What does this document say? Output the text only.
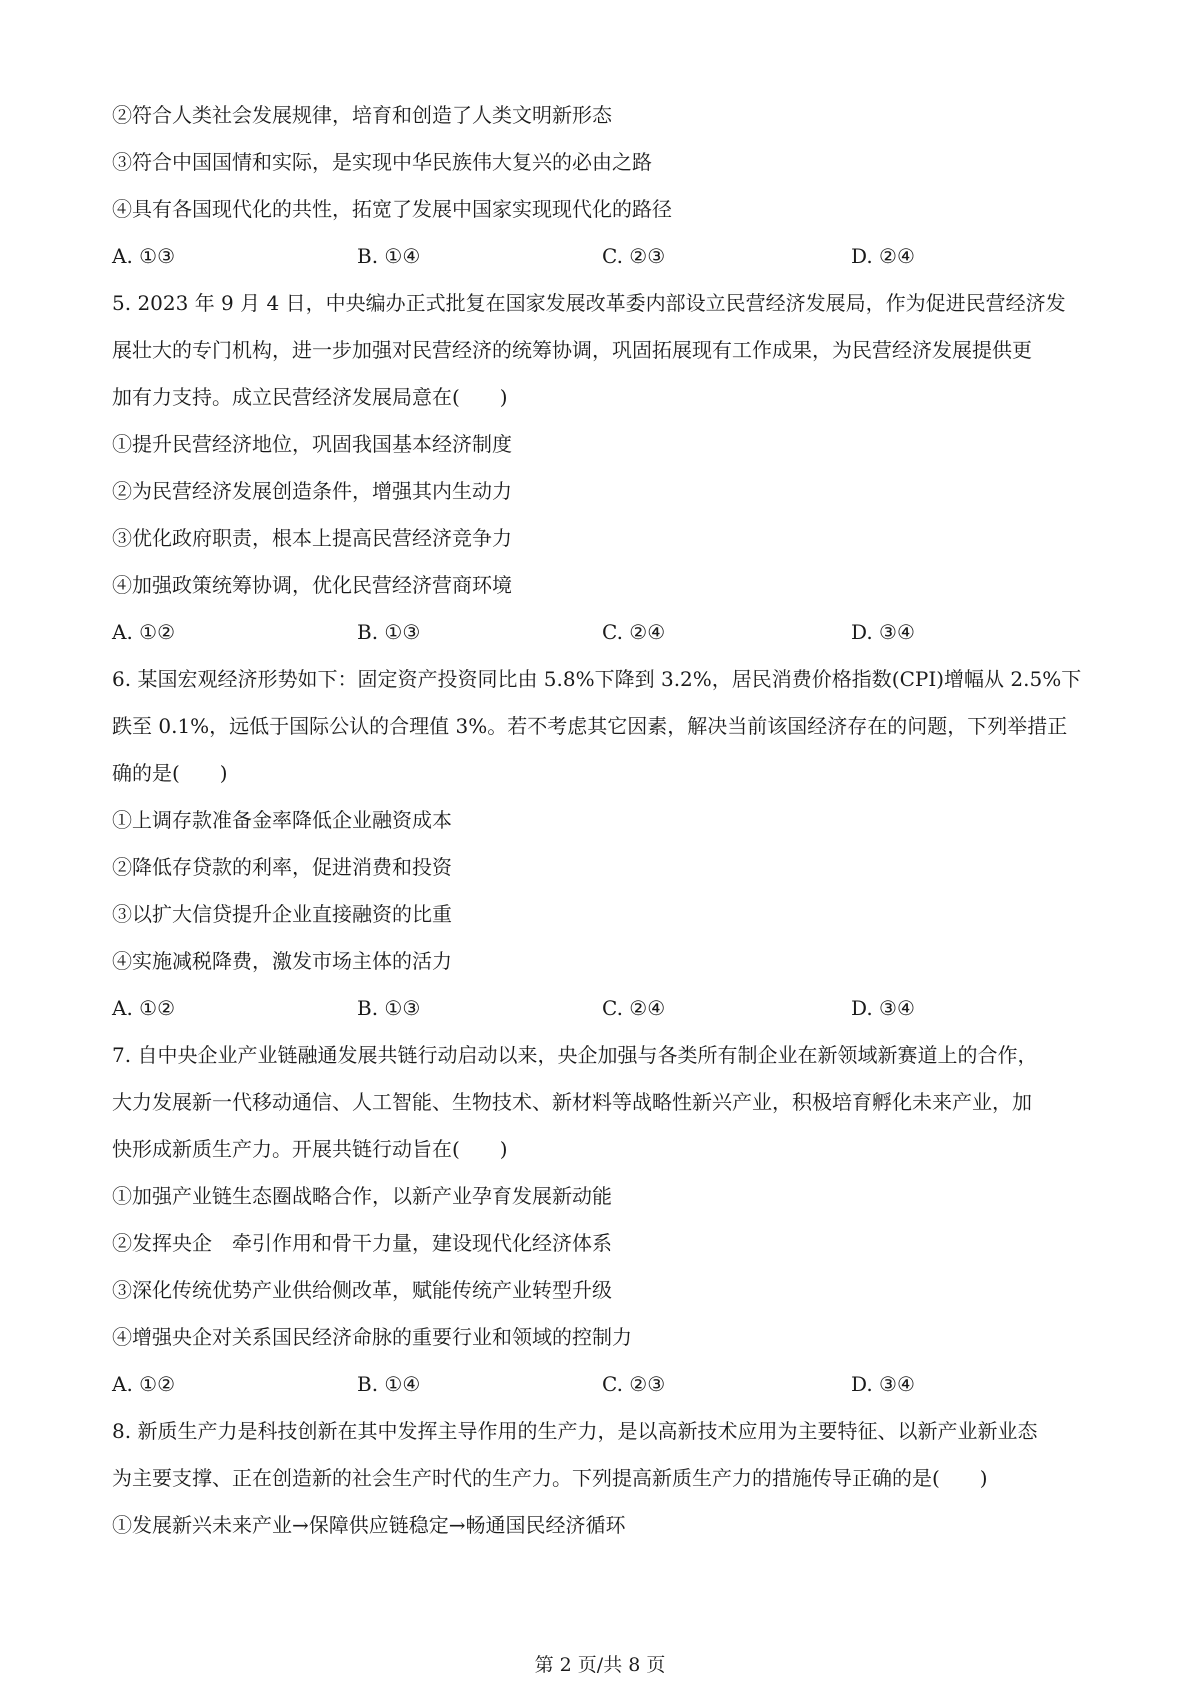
②符合人类社会发展规律，培育和创造了人类文明新形态
③符合中国国情和实际，是实现中华民族伟大复兴的必由之路
④具有各国现代化的共性，拓宽了发展中国家实现现代化的路径
A. ①③	B. ①④	C. ②③	D. ②④
5. 2023 年 9 月 4 日，中央编办正式批复在国家发展改革委内部设立民营经济发展局，作为促进民营经济发
展壮大的专门机构，进一步加强对民营经济的统筹协调，巩固拓展现有工作成果，为民营经济发展提供更
加有力支持。成立民营经济发展局意在(　　)
①提升民营经济地位，巩固我国基本经济制度
②为民营经济发展创造条件，增强其内生动力
③优化政府职责，根本上提高民营经济竞争力
④加强政策统筹协调，优化民营经济营商环境
A. ①②	B. ①③	C. ②④	D. ③④
6. 某国宏观经济形势如下：固定资产投资同比由 5.8%下降到 3.2%，居民消费价格指数(CPI)增幅从 2.5%下
跌至 0.1%，远低于国际公认的合理值 3%。若不考虑其它因素，解决当前该国经济存在的问题，下列举措正
确的是(　　)
①上调存款准备金率降低企业融资成本
②降低存贷款的利率，促进消费和投资
③以扩大信贷提升企业直接融资的比重
④实施减税降费，激发市场主体的活力
A. ①②	B. ①③	C. ②④	D. ③④
7. 自中央企业产业链融通发展共链行动启动以来，央企加强与各类所有制企业在新领域新赛道上的合作，
大力发展新一代移动通信、人工智能、生物技术、新材料等战略性新兴产业，积极培育孵化未来产业，加
快形成新质生产力。开展共链行动旨在(　　)
①加强产业链生态圈战略合作，以新产业孕育发展新动能
②发挥央企　牵引作用和骨干力量，建设现代化经济体系
③深化传统优势产业供给侧改革，赋能传统产业转型升级
④增强央企对关系国民经济命脉的重要行业和领域的控制力
A. ①②	B. ①④	C. ②③	D. ③④
8. 新质生产力是科技创新在其中发挥主导作用的生产力，是以高新技术应用为主要特征、以新产业新业态
为主要支撑、正在创造新的社会生产时代的生产力。下列提高新质生产力的措施传导正确的是(　　)
①发展新兴未来产业→保障供应链稳定→畅通国民经济循环
第 2 页/共 8 页
